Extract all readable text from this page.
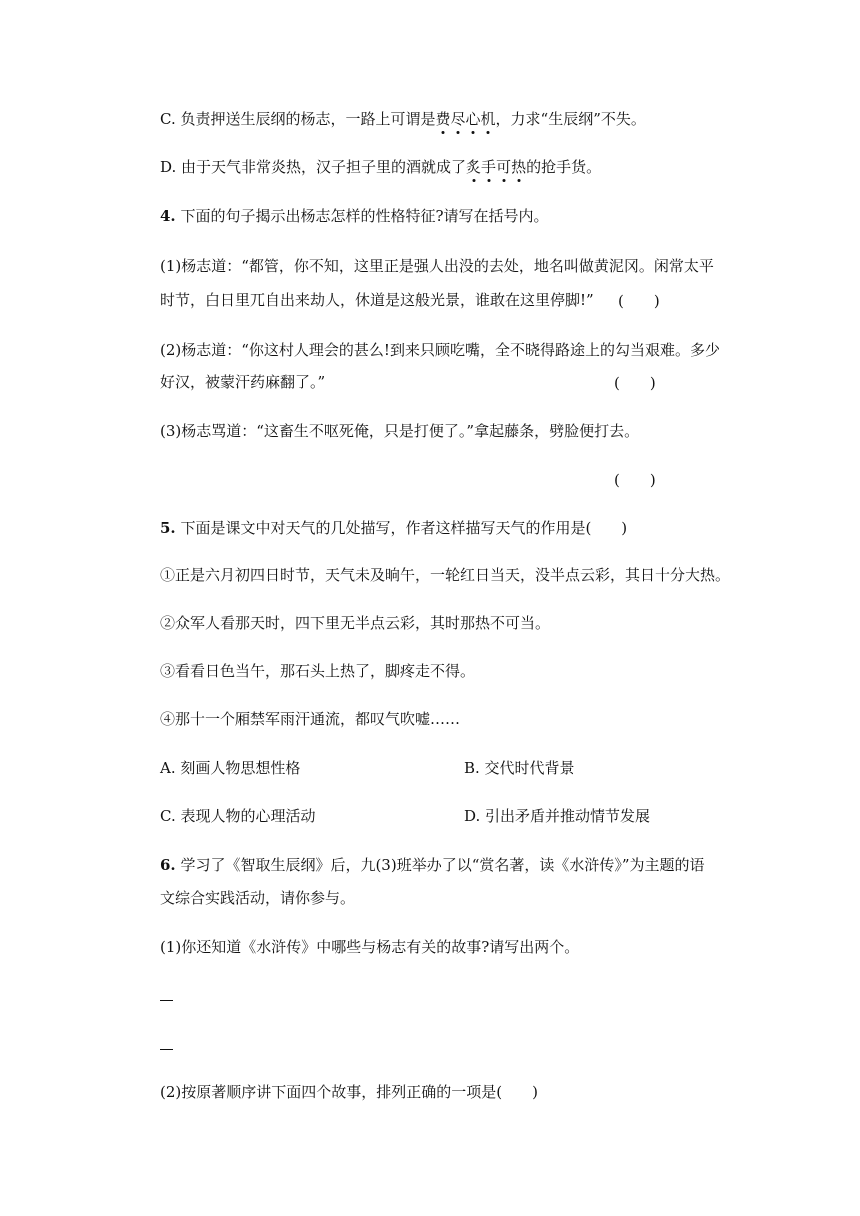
C. 负责押送生辰纲的杨志，一路上可谓是费尽心机，力求“生辰纲”不失。
D. 由于天气非常炎热，汉子担子里的酒就成了炙手可热的抢手货。
4. 下面的句子揭示出杨志怎样的性格特征?请写在括号内。
(1)杨志道：“都管，你不知，这里正是强人出没的去处，地名叫做黄泥冈。闲常太平
时节，白日里兀自出来劫人，休道是这般光景，谁敢在这里停脚!” (　　)
(2)杨志道：“你这村人理会的甚么!到来只顾吃嘴，全不晓得路途上的勾当艰难。多少
好汉，被蒙汗药麻翻了。”	(　　)
(3)杨志骂道：“这畜生不呕死俺，只是打便了。”拿起藤条，劈脸便打去。
(　　)
5. 下面是课文中对天气的几处描写，作者这样描写天气的作用是(　　)
①正是六月初四日时节，天气未及晌午，一轮红日当天，没半点云彩，其日十分大热。
②众军人看那天时，四下里无半点云彩，其时那热不可当。
③看看日色当午，那石头上热了，脚疼走不得。
④那十一个厢禁军雨汗通流，都叹气吹嘘……
A. 刻画人物思想性格	B. 交代时代背景
C. 表现人物的心理活动	D. 引出矛盾并推动情节发展
6. 学习了《智取生辰纲》后，九(3)班举办了以“赏名著，读《水浒传》”为主题的语
文综合实践活动，请你参与。
(1)你还知道《水浒传》中哪些与杨志有关的故事?请写出两个。
(2)按原著顺序讲下面四个故事，排列正确的一项是(　　)
